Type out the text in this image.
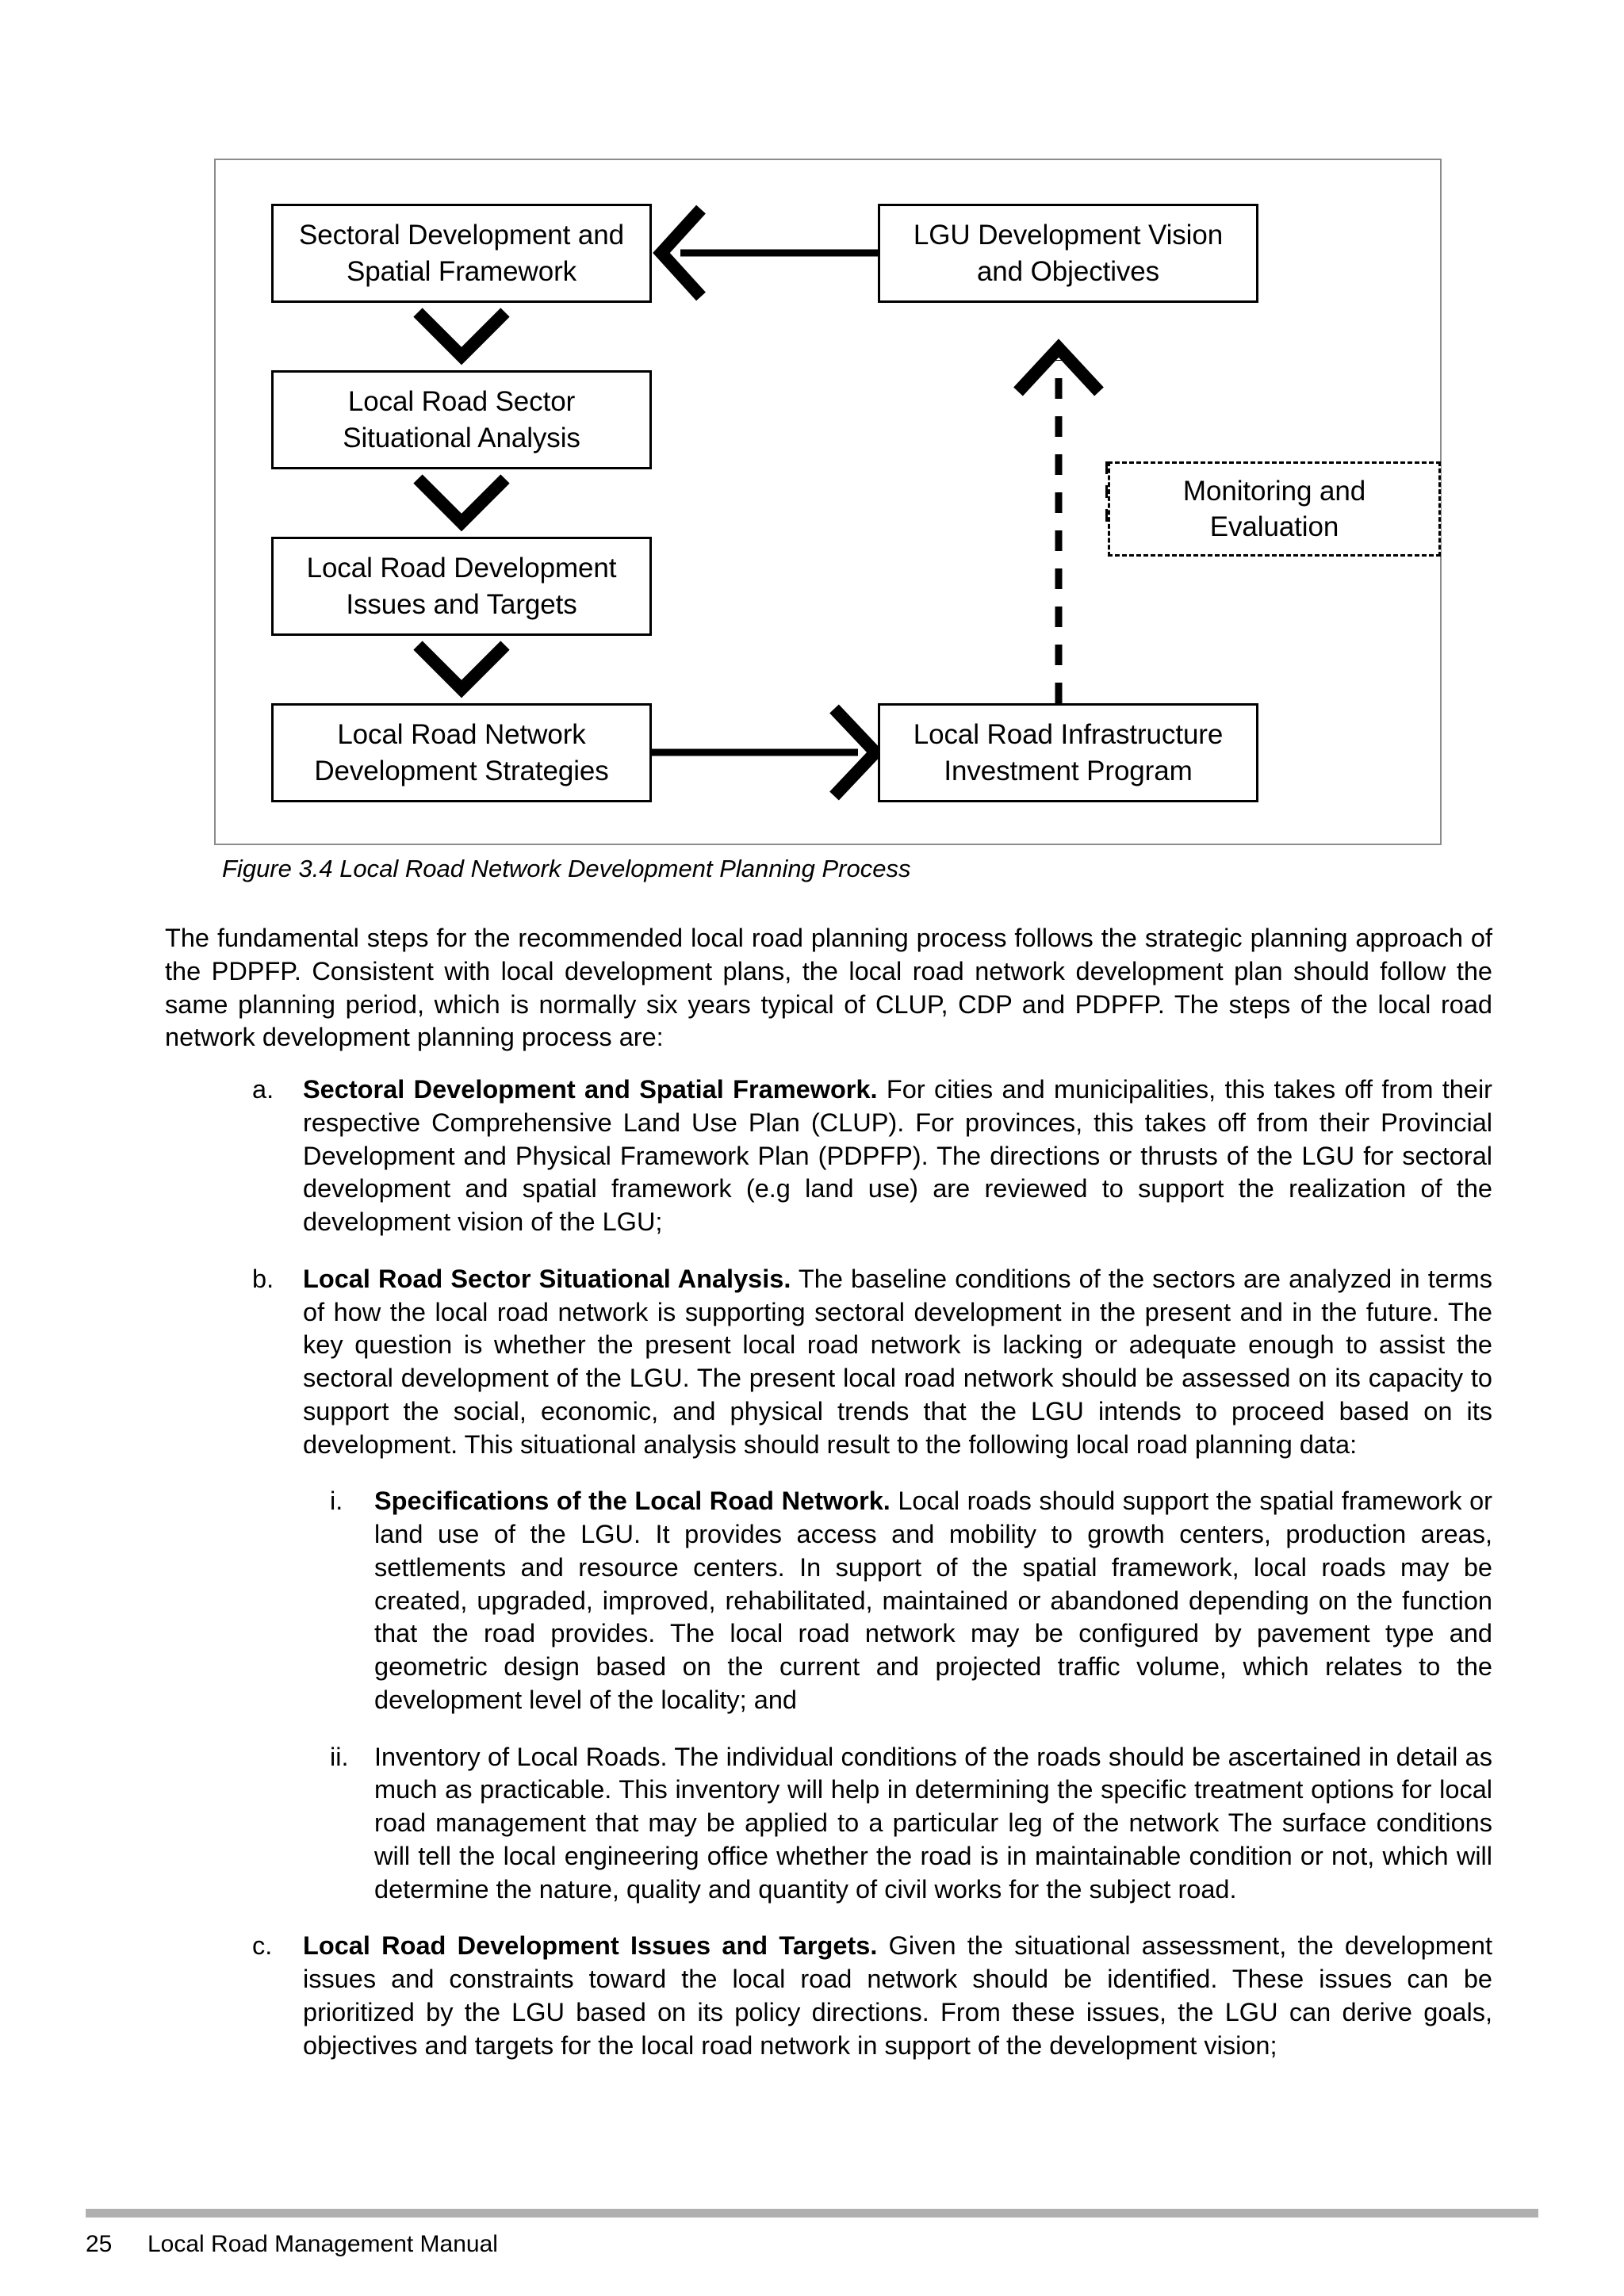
Sectoral Development and
Spatial Framework
Local Road Sector
Situational Analysis
Local Road Development
Issues and Targets
Local Road Network
Development Strategies
LGU Development Vision
and Objectives
Local Road Infrastructure
Investment Program
Monitoring and
Evaluation
Figure 3.4 Local Road Network Development Planning Process

The fundamental steps for the recommended local road planning process follows the strategic planning approach of the PDPFP. Consistent with local development plans, the local road network development plan should follow the same planning period, which is normally six years typical of CLUP, CDP and PDPFP. The steps of the local road network development planning process are:

a.	Sectoral Development and Spatial Framework. For cities and municipalities, this takes off from their respective Comprehensive Land Use Plan (CLUP). For provinces, this takes off from their Provincial Development and Physical Framework Plan (PDPFP). The directions or thrusts of the LGU for sectoral development and spatial framework (e.g land use) are reviewed to support the realization of the development vision of the LGU;
b.	Local Road Sector Situational Analysis. The baseline conditions of the sectors are analyzed in terms of how the local road network is supporting sectoral development in the present and in the future. The key question is whether the present local road network is lacking or adequate enough to assist the sectoral development of the LGU. The present local road network should be assessed on its capacity to support the social, economic, and physical trends that the LGU intends to proceed based on its development. This situational analysis should result to the following local road planning data:
i.	Specifications of the Local Road Network. Local roads should support the spatial framework or land use of the LGU. It provides access and mobility to growth centers, production areas, settlements and resource centers. In support of the spatial framework, local roads may be created, upgraded, improved, rehabilitated, maintained or abandoned depending on the function that the road provides. The local road network may be configured by pavement type and geometric design based on the current and projected traffic volume, which relates to the development level of the locality; and
ii.	Inventory of Local Roads. The individual conditions of the roads should be ascertained in detail as much as practicable. This inventory will help in determining the specific treatment options for local road management that may be applied to a particular leg of the network The surface conditions will tell the local engineering office whether the road is in maintainable condition or not, which will determine the nature, quality and quantity of civil works for the subject road.
c.	Local Road Development Issues and Targets. Given the situational assessment, the development issues and constraints toward the local road network should be identified. These issues can be prioritized by the LGU based on its policy directions. From these issues, the LGU can derive goals, objectives and targets for the local road network in support of the development vision;
25	Local Road Management Manual
